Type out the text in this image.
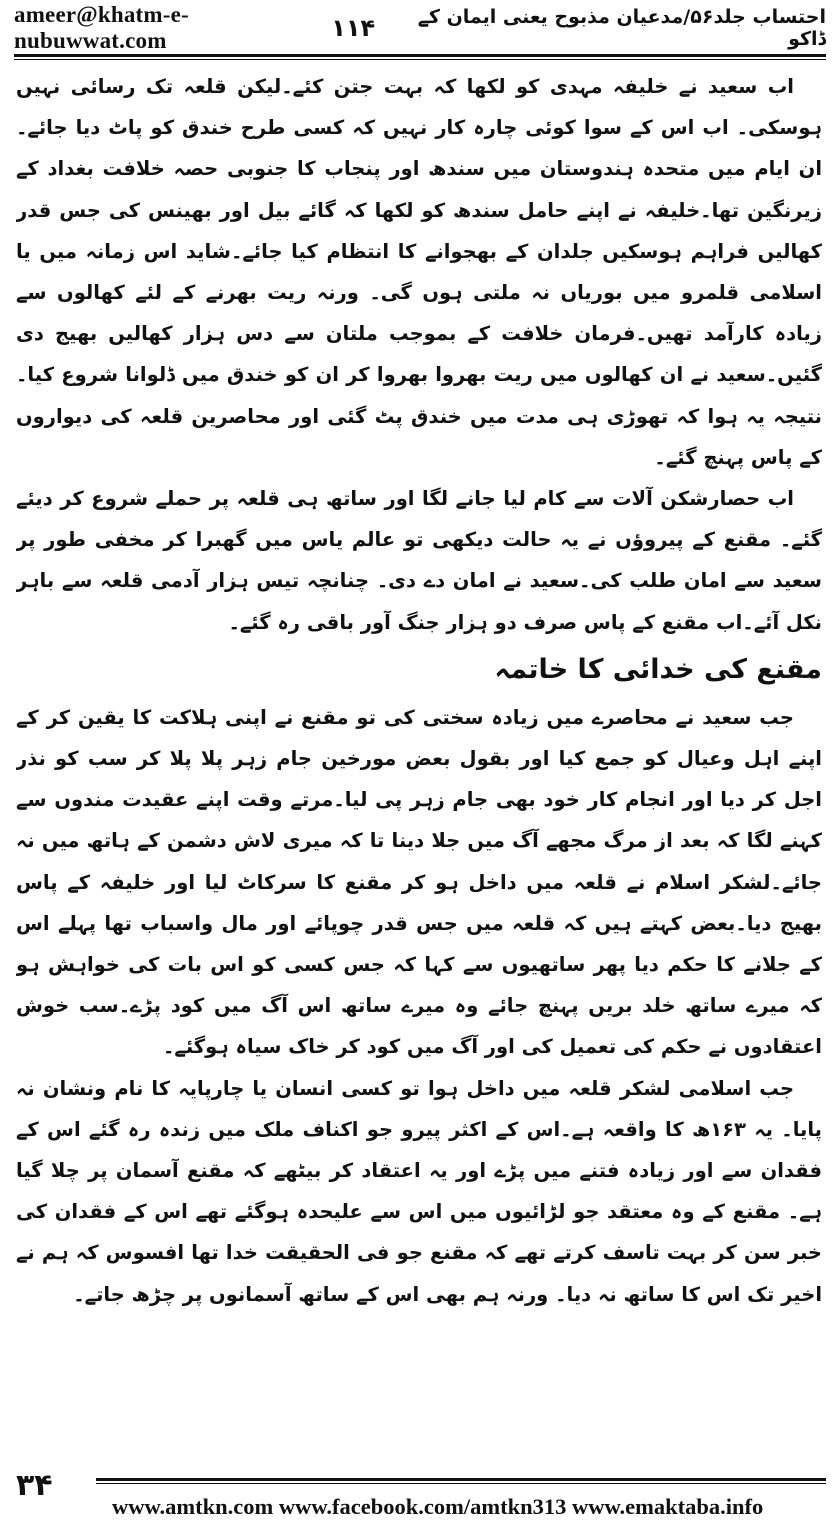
ameer@khatm-e-nubuwwat.com	۱۱۴	احتساب جلد۵۶/مدعیان مذبوح یعنی ایمان کے ڈاکو

اب سعید نے خلیفہ مہدی کو لکھا کہ بہت جتن کئے۔لیکن قلعہ تک رسائی نہیں ہوسکی۔ اب اس کے سوا کوئی چارہ کار نہیں کہ کسی طرح خندق کو پاٹ دیا جائے۔ ان ایام میں متحدہ ہندوستان میں سندھ اور پنجاب کا جنوبی حصہ خلافت بغداد کے زیرنگین تھا۔خلیفہ نے اپنے حامل سندھ کو لکھا کہ گائے بیل اور بھینس کی جس قدر کھالیں فراہم ہوسکیں جلدان کے بھجوانے کا انتظام کیا جائے۔شاید اس زمانہ میں یا اسلامی قلمرو میں بوریاں نہ ملتی ہوں گی۔ ورنہ ریت بھرنے کے لئے کھالوں سے زیادہ کارآمد تھیں۔فرمان خلافت کے بموجب ملتان سے دس ہزار کھالیں بھیج دی گئیں۔سعید نے ان کھالوں میں ریت بھروا بھروا کر ان کو خندق میں ڈلوانا شروع کیا۔نتیجہ یہ ہوا کہ تھوڑی ہی مدت میں خندق پٹ گئی اور محاصرین قلعہ کی دیواروں کے پاس پہنچ گئے۔

اب حصارشکن آلات سے کام لیا جانے لگا اور ساتھ ہی قلعہ پر حملے شروع کر دیئے گئے۔ مقنع کے پیروؤں نے یہ حالت دیکھی تو عالم یاس میں گھبرا کر مخفی طور پر سعید سے امان طلب کی۔سعید نے امان دے دی۔ چنانچہ تیس ہزار آدمی قلعہ سے باہر نکل آئے۔اب مقنع کے پاس صرف دو ہزار جنگ آور باقی رہ گئے۔

مقنع کی خدائی کا خاتمہ

جب سعید نے محاصرے میں زیادہ سختی کی تو مقنع نے اپنی ہلاکت کا یقین کر کے اپنے اہل وعیال کو جمع کیا اور بقول بعض مورخین جام زہر پلا پلا کر سب کو نذر اجل کر دیا اور انجام کار خود بھی جام زہر پی لیا۔مرتے وقت اپنے عقیدت مندوں سے کہنے لگا کہ بعد از مرگ مجھے آگ میں جلا دینا تا کہ میری لاش دشمن کے ہاتھ میں نہ جائے۔لشکر اسلام نے قلعہ میں داخل ہو کر مقنع کا سرکاٹ لیا اور خلیفہ کے پاس بھیج دیا۔بعض کہتے ہیں کہ قلعہ میں جس قدر چوپائے اور مال واسباب تھا پہلے اس کے جلانے کا حکم دیا پھر ساتھیوں سے کہا کہ جس کسی کو اس بات کی خواہش ہو کہ میرے ساتھ خلد بریں پہنچ جائے وہ میرے ساتھ اس آگ میں کود پڑے۔سب خوش اعتقادوں نے حکم کی تعمیل کی اور آگ میں کود کر خاک سیاہ ہوگئے۔

جب اسلامی لشکر قلعہ میں داخل ہوا تو کسی انسان یا چارپایہ کا نام ونشان نہ پایا۔ یہ ۱۶۳ھ کا واقعہ ہے۔اس کے اکثر پیرو جو اکناف ملک میں زندہ رہ گئے اس کے فقدان سے اور زیادہ فتنے میں پڑے اور یہ اعتقاد کر بیٹھے کہ مقنع آسمان پر چلا گیا ہے۔ مقنع کے وہ معتقد جو لڑائیوں میں اس سے علیحدہ ہوگئے تھے اس کے فقدان کی خبر سن کر بہت تاسف کرتے تھے کہ مقنع جو فی الحقیقت خدا تھا افسوس کہ ہم نے اخیر تک اس کا ساتھ نہ دیا۔ ورنہ ہم بھی اس کے ساتھ آسمانوں پر چڑھ جاتے۔

۳۴
www.amtkn.com www.facebook.com/amtkn313 www.emaktaba.info
